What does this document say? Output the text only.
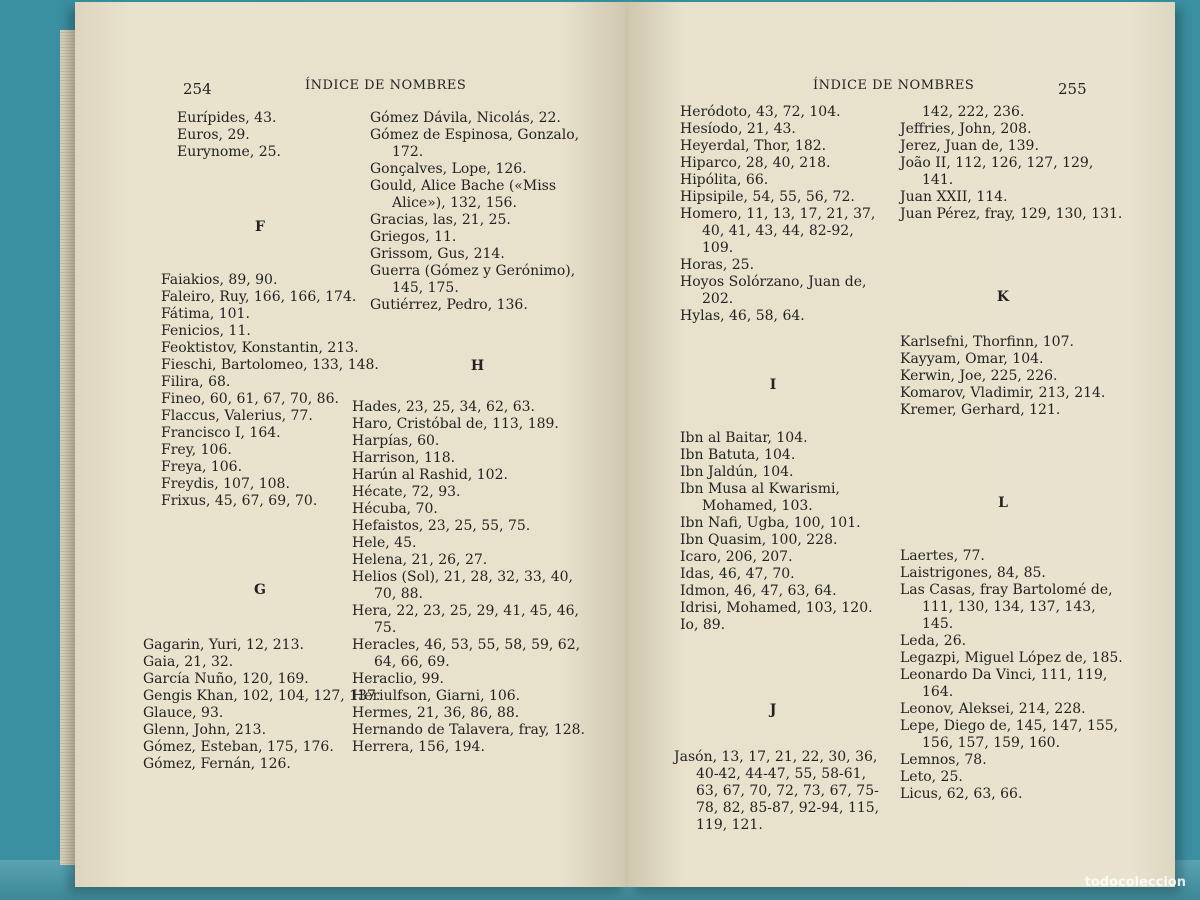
254	ÍNDICE DE NOMBRES

Eurípides, 43.

Euros, 29.

Eurynome, 25.

F

Faiakios, 89, 90.

Faleiro, Ruy, 166, 166, 174.

Fátima, 101.

Fenicios, 11.

Feoktistov, Konstantin, 213.

Fieschi, Bartolomeo, 133, 148.

Filira, 68.

Fineo, 60, 61, 67, 70, 86.

Flaccus, Valerius, 77.

Francisco I, 164.

Frey, 106.

Freya, 106.

Freydis, 107, 108.

Frixus, 45, 67, 69, 70.

G

Gagarin, Yuri, 12, 213.

Gaia, 21, 32.

García Nuño, 120, 169.

Gengis Khan, 102, 104, 127, 137.

Glauce, 93.

Glenn, John, 213.

Gómez, Esteban, 175, 176.

Gómez, Fernán, 126.

Gómez Dávila, Nicolás, 22.

Gómez de Espinosa, Gonzalo, 172.

Gonçalves, Lope, 126.

Gould, Alice Bache («Miss Alice»), 132, 156.

Gracias, las, 21, 25.

Griegos, 11.

Grissom, Gus, 214.

Guerra (Gómez y Gerónimo), 145, 175.

Gutiérrez, Pedro, 136.

H

Hades, 23, 25, 34, 62, 63.

Haro, Cristóbal de, 113, 189.

Harpías, 60.

Harrison, 118.

Harún al Rashid, 102.

Hécate, 72, 93.

Hécuba, 70.

Hefaistos, 23, 25, 55, 75.

Hele, 45.

Helena, 21, 26, 27.

Helios (Sol), 21, 28, 32, 33, 40, 70, 88.

Hera, 22, 23, 25, 29, 41, 45, 46, 75.

Heracles, 46, 53, 55, 58, 59, 62, 64, 66, 69.

Heraclio, 99.

Heriulfson, Giarni, 106.

Hermes, 21, 36, 86, 88.

Hernando de Talavera, fray, 128.

Herrera, 156, 194.

ÍNDICE DE NOMBRES	255

Heródoto, 43, 72, 104.

Hesíodo, 21, 43.

Heyerdal, Thor, 182.

Hiparco, 28, 40, 218.

Hipólita, 66.

Hipsipile, 54, 55, 56, 72.

Homero, 11, 13, 17, 21, 37, 40, 41, 43, 44, 82-92, 109.

Horas, 25.

Hoyos Solórzano, Juan de, 202.

Hylas, 46, 58, 64.

I

Ibn al Baitar, 104.

Ibn Batuta, 104.

Ibn Jaldún, 104.

Ibn Musa al Kwarismi, Mohamed, 103.

Ibn Nafi, Ugba, 100, 101.

Ibn Quasim, 100, 228.

Icaro, 206, 207.

Idas, 46, 47, 70.

Idmon, 46, 47, 63, 64.

Idrisi, Mohamed, 103, 120.

Io, 89.

J

Jasón, 13, 17, 21, 22, 30, 36, 40-42, 44-47, 55, 58-61, 63, 67, 70, 72, 73, 67, 75-78, 82, 85-87, 92-94, 115, 119, 121.

142, 222, 236.

Jeffries, John, 208.

Jerez, Juan de, 139.

João II, 112, 126, 127, 129, 141.

Juan XXII, 114.

Juan Pérez, fray, 129, 130, 131.

K

Karlsefni, Thorfinn, 107.

Kayyam, Omar, 104.

Kerwin, Joe, 225, 226.

Komarov, Vladimir, 213, 214.

Kremer, Gerhard, 121.

L

Laertes, 77.

Laistrigones, 84, 85.

Las Casas, fray Bartolomé de, 111, 130, 134, 137, 143, 145.

Leda, 26.

Legazpi, Miguel López de, 185.

Leonardo Da Vinci, 111, 119, 164.

Leonov, Aleksei, 214, 228.

Lepe, Diego de, 145, 147, 155, 156, 157, 159, 160.

Lemnos, 78.

Leto, 25.

Licus, 62, 63, 66.

todocoleccion
